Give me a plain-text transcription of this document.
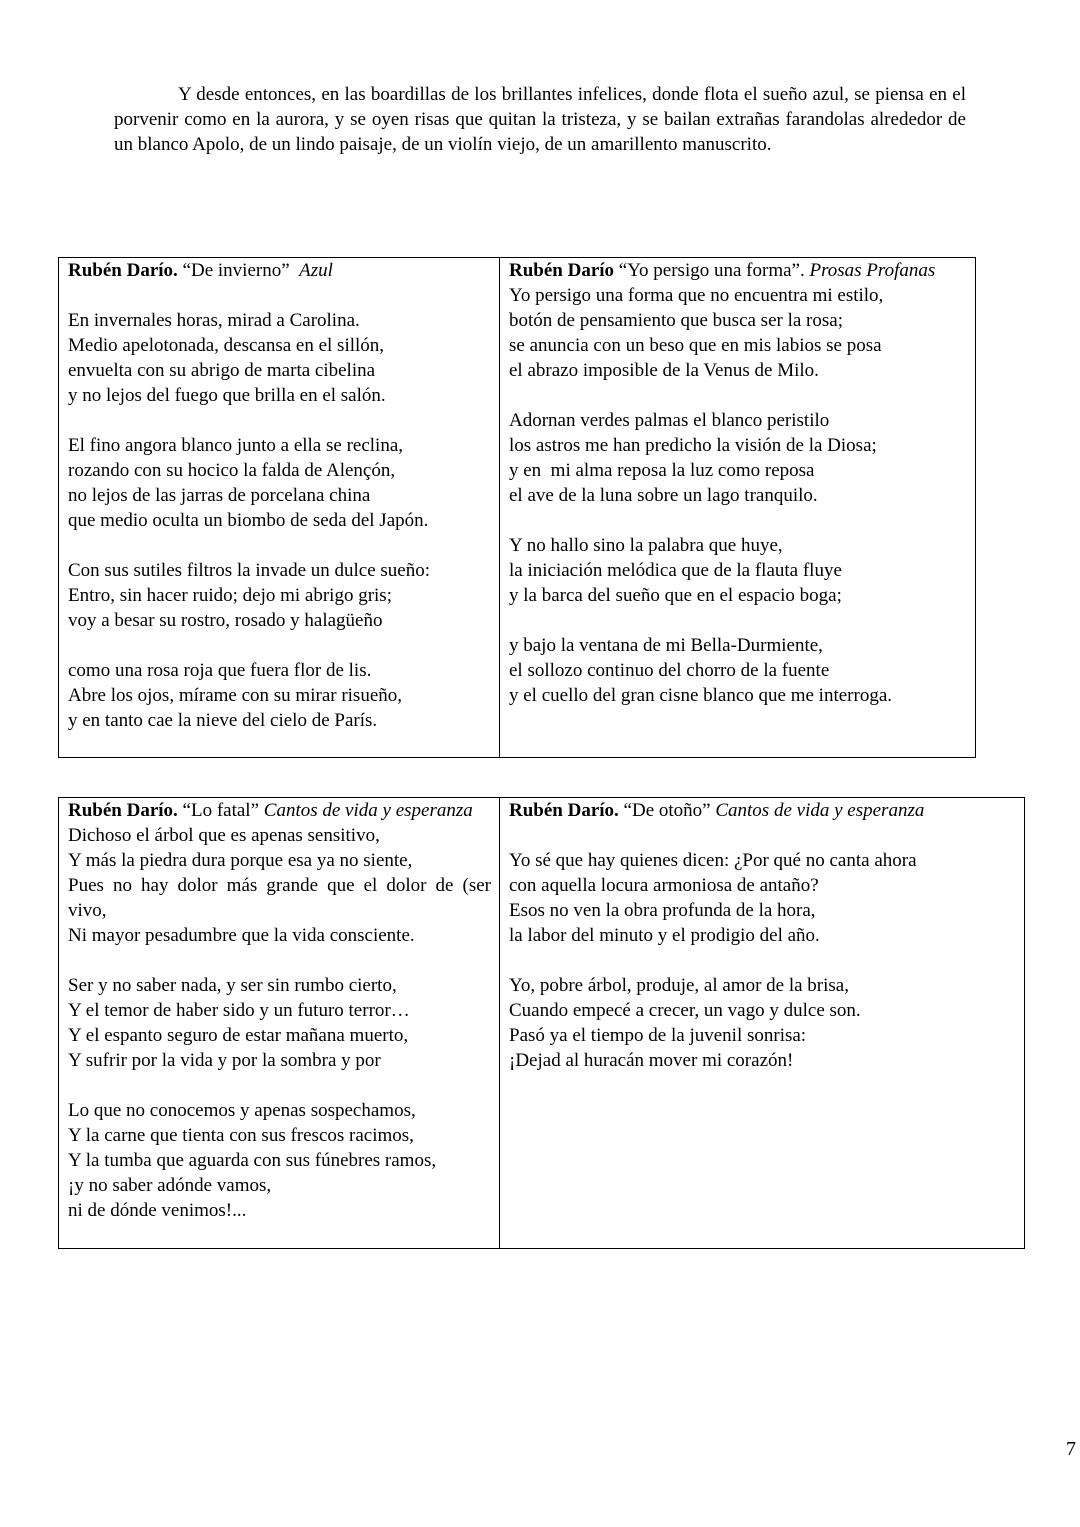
Y desde entonces, en las boardillas de los brillantes infelices, donde flota el sueño azul, se piensa en el porvenir como en la aurora, y se oyen risas que quitan la tristeza, y se bailan extrañas farandolas alrededor de un blanco Apolo, de un lindo paisaje, de un violín viejo, de un amarillento manuscrito.

Rubén Darío. “De invierno” Azul

En invernales horas, mirad a Carolina.
Medio apelotonada, descansa en el sillón,
envuelta con su abrigo de marta cibelina
y no lejos del fuego que brilla en el salón.
El fino angora blanco junto a ella se reclina,
rozando con su hocico la falda de Alençón,
no lejos de las jarras de porcelana china
que medio oculta un biombo de seda del Japón.
Con sus sutiles filtros la invade un dulce sueño:
Entro, sin hacer ruido; dejo mi abrigo gris;
voy a besar su rostro, rosado y halagüeño
como una rosa roja que fuera flor de lis.
Abre los ojos, mírame con su mirar risueño,
y en tanto cae la nieve del cielo de París.

Rubén Darío “Yo persigo una forma”. Prosas Profanas

Yo persigo una forma que no encuentra mi estilo,
botón de pensamiento que busca ser la rosa;
se anuncia con un beso que en mis labios se posa
el abrazo imposible de la Venus de Milo.
Adornan verdes palmas el blanco peristilo
los astros me han predicho la visión de la Diosa;
y en  mi alma reposa la luz como reposa
el ave de la luna sobre un lago tranquilo.
Y no hallo sino la palabra que huye,
la iniciación melódica que de la flauta fluye
y la barca del sueño que en el espacio boga;
y bajo la ventana de mi Bella-Durmiente,
el sollozo continuo del chorro de la fuente
y el cuello del gran cisne blanco que me interroga.

Rubén Darío. “Lo fatal” Cantos de vida y esperanza

Dichoso el árbol que es apenas sensitivo,
Y más la piedra dura porque esa ya no siente,
Pues no hay dolor más grande que el dolor de (ser vivo,
Ni mayor pesadumbre que la vida consciente.
Ser y no saber nada, y ser sin rumbo cierto,
Y el temor de haber sido y un futuro terror…
Y el espanto seguro de estar mañana muerto,
Y sufrir por la vida y por la sombra y por
Lo que no conocemos y apenas sospechamos,
Y la carne que tienta con sus frescos racimos,
Y la tumba que aguarda con sus fúnebres ramos,
¡y no saber adónde vamos,
ni de dónde venimos!...

Rubén Darío. “De otoño” Cantos de vida y esperanza

Yo sé que hay quienes dicen: ¿Por qué no canta ahora
con aquella locura armoniosa de antaño?
Esos no ven la obra profunda de la hora,
la labor del minuto y el prodigio del año.
Yo, pobre árbol, produje, al amor de la brisa,
Cuando empecé a crecer, un vago y dulce son.
Pasó ya el tiempo de la juvenil sonrisa:
¡Dejad al huracán mover mi corazón!
7
